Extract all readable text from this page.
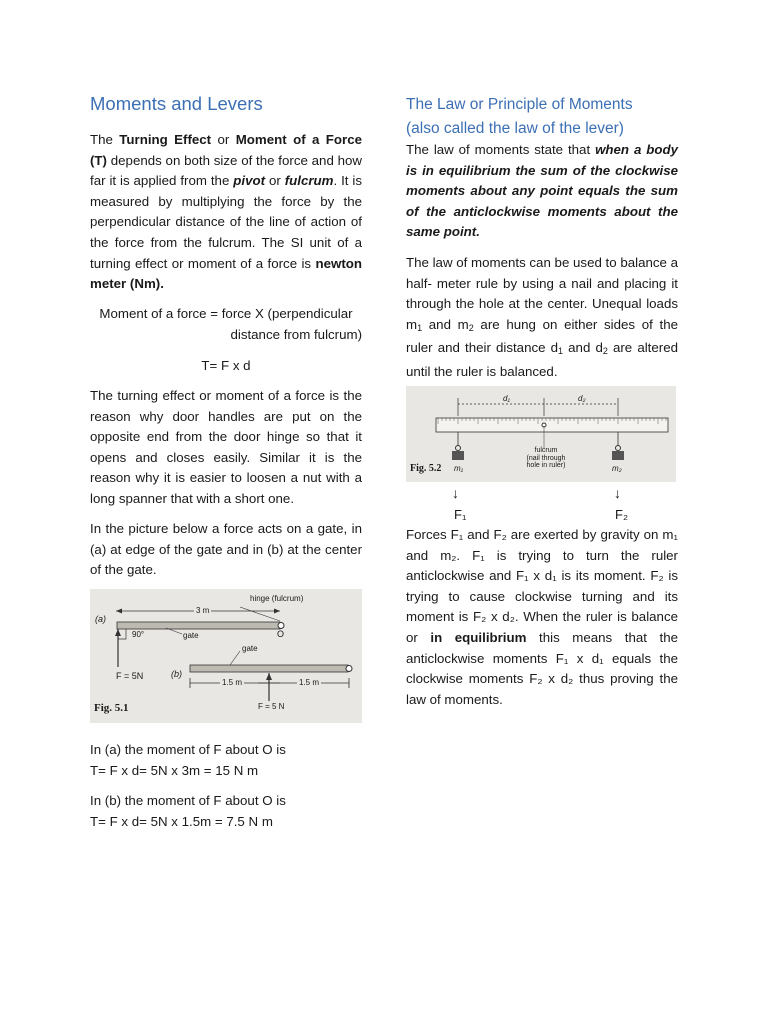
Moments and Levers

The Turning Effect or Moment of a Force (T) depends on both size of the force and how far it is applied from the pivot or fulcrum. It is measured by multiplying the force by the perpendicular distance of the line of action of the force from the fulcrum. The SI unit of a turning effect or moment of a force is newton meter (Nm).

Moment of a force = force X (perpendicular

distance from fulcrum)

T= F x d

The turning effect or moment of a force is the reason why door handles are put on the opposite end from the door hinge so that it opens and closes easily. Similar it is the reason why it is easier to loosen a nut with a long spanner that with a short one.

In the picture below a force acts on a gate, in (a) at edge of the gate and in (b) at the center of the gate.

hinge (fulcrum)
(a)
3 m
90°	gate	O
F = 5N	(b)
gate
1.5 m	1.5 m
F = 5 N
Fig. 5.1

In (a) the moment of F about O is

T= F x d= 5N x 3m = 15 N m

In (b) the moment of F about O is

T= F x d= 5N x 1.5m = 7.5 N m

The Law or Principle of Moments
(also called the law of the lever)

The law of moments state that when a body is in equilibrium the sum of the clockwise moments about any point equals the sum of the anticlockwise moments about the same point.

The law of moments can be used to balance a half- meter rule by using a nail and placing it through the hole at the center. Unequal loads $m_1$ and $m_2$ are hung on either sides of the ruler and their distance $d_1$ and $d_2$ are altered until the ruler is balanced.

d₁	d₂
fulcrum
(nail through
hole in ruler)
Fig. 5.2 m₁	m₂
↓	↓
F₁	F₂

Forces F₁ and F₂ are exerted by gravity on m₁ and m₂. F₁ is trying to turn the ruler anticlockwise and F₁ x d₁ is its moment. F₂ is trying to cause clockwise turning and its moment is F₂ x d₂. When the ruler is balance or in equilibrium this means that the anticlockwise moments F₁ x d₁ equals the clockwise moments F₂ x d₂ thus proving the law of moments.
